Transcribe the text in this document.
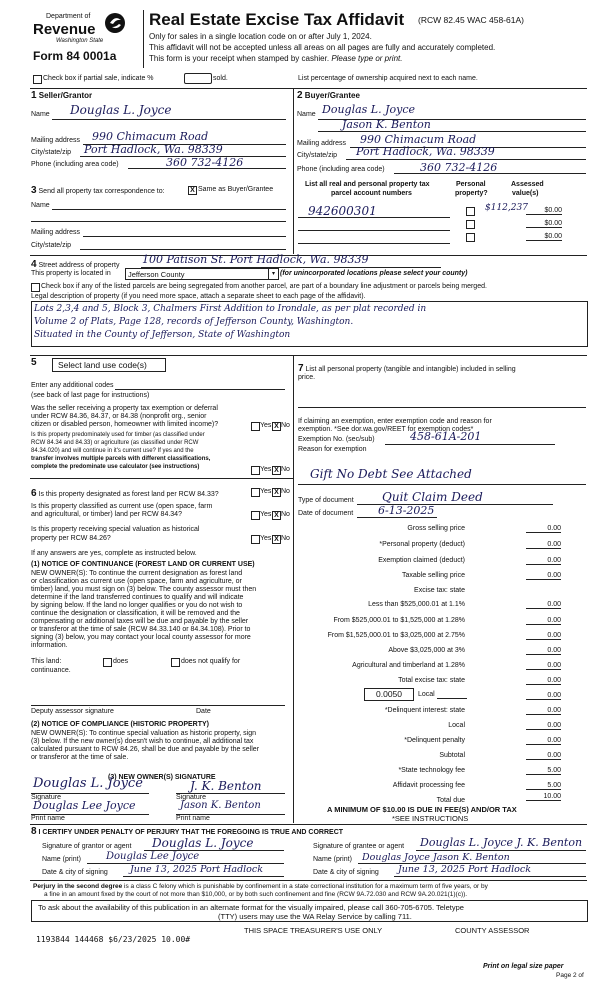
Department of
Revenue
Washington State
Form 84 0001a
Real Estate Excise Tax Affidavit (RCW 82.45 WAC 458-61A)
Only for sales in a single location code on or after July 1, 2024.
This affidavit will not be accepted unless all areas on all pages are fully and accurately completed.
This form is your receipt when stamped by cashier. Please type or print.
Check box if partial sale, indicate %	sold.	List percentage of ownership acquired next to each name.
1 Seller/Grantor
Name Douglas L. Joyce
Mailing address 990 Chimacum Road
City/state/zip Port Hadlock, Wa. 98339
Phone (including area code)	360 732-4126
2 Buyer/Grantee
Name Douglas L. Joyce
Jason K. Benton
Mailing address 990 Chimacum Road
City/state/zip Port Hadlock, Wa. 98339
Phone (including area code)	360 732-4126
3 Send all property tax correspondence to:	X Same as Buyer/Grantee
Name
Mailing address
City/state/zip
List all real and personal property tax
parcel account numbers
Personal
property?
Assessed
value(s)
942600301	$112,237	$0.00
$0.00
$0.00
4 Street address of property 100 Patison St. Port Hadlock, Wa. 98339
This property is located in Jefferson County	▾ (for unincorporated locations please select your county)
Check box if any of the listed parcels are being segregated from another parcel, are part of a boundary line adjustment or parcels being merged.
Legal description of property (if you need more space, attach a separate sheet to each page of the affidavit).
Lots 2,3,4 and 5, Block 3, Chalmers First Addition to Irondale, as per plat recorded in
Volume 2 of Plats, Page 128, records of Jefferson County, Washington.
Situated in the County of Jefferson, State of Washington
5	Select land use code(s)
Enter any additional codes
(see back of last page for instructions)
Was the seller receiving a property tax exemption or deferral
under RCW 84.36, 84.37, or 84.38 (nonprofit org., senior
citizen or disabled person, homeowner with limited income)?	Yes X No
Is this property predominately used for timber (as classified under
RCW 84.34 and 84.33) or agriculture (as classified under RCW
84.34.020) and will continue in it's current use? If yes and the
transfer involves multiple parcels with different classifications,
complete the predominate use calculator (see instructions)	Yes X No
6 Is this property designated as forest land per RCW 84.33?	Yes X No
Is this property classified as current use (open space, farm
and agricultural, or timber) land per RCW 84.34?	Yes X No
Is this property receiving special valuation as historical
property per RCW 84.26?	Yes X No
If any answers are yes, complete as instructed below.
(1) NOTICE OF CONTINUANCE (FOREST LAND OR CURRENT USE)
NEW OWNER(S): To continue the current designation as forest land
or classification as current use (open space, farm and agriculture, or
timber) land, you must sign on (3) below. The county assessor must then
determine if the land transferred continues to qualify and will indicate
by signing below. If the land no longer qualifies or you do not wish to
continue the designation or classification, it will be removed and the
compensating or additional taxes will be due and payable by the seller
or transferor at the time of sale (RCW 84.33.140 or 84.34.108). Prior to
signing (3) below, you may contact your local county assessor for more
information.
This land:	does	does not qualify for
continuance.
Deputy assessor signature	Date
(2) NOTICE OF COMPLIANCE (HISTORIC PROPERTY)
NEW OWNER(S): To continue special valuation as historic property, sign
(3) below. If the new owner(s) doesn't wish to continue, all additional tax
calculated pursuant to RCW 84.26, shall be due and payable by the seller
or transferor at the time of sale.
(3) NEW OWNER(S) SIGNATURE
Douglas L. Joyce
Signature
Douglas Lee Joyce
Print name
J. K. Benton
Signature
Jason K. Benton
Print name
7 List all personal property (tangible and intangible) included in selling
price.
If claiming an exemption, enter exemption code and reason for
exemption. *See dor.wa.gov/REET for exemption codes*
Exemption No. (sec/sub)	458-61A-201
Reason for exemption
Gift No Debt See Attached
Type of document Quit Claim Deed
Date of document 6-13-2025
Gross selling price	0.00
*Personal property (deduct)	0.00
Exemption claimed (deduct)	0.00
Taxable selling price	0.00
Excise tax: state
Less than $525,000.01 at 1.1%	0.00
From $525,000.01 to $1,525,000 at 1.28%	0.00
From $1,525,000.01 to $3,025,000 at 2.75%	0.00
Above $3,025,000 at 3%	0.00
Agricultural and timberland at 1.28%	0.00
Total excise tax: state	0.00
0.0050	Local	0.00
*Delinquent interest: state	0.00
Local	0.00
*Delinquent penalty	0.00
Subtotal	0.00
*State technology fee	5.00
Affidavit processing fee	5.00
Total due
10.00
A MINIMUM OF $10.00 IS DUE IN FEE(S) AND/OR TAX
*SEE INSTRUCTIONS
8 I CERTIFY UNDER PENALTY OF PERJURY THAT THE FOREGOING IS TRUE AND CORRECT
Signature of grantor or agent Douglas L. Joyce
Name (print)	Douglas Lee Joyce
Date & city of signing June 13, 2025 Port Hadlock
Signature of grantee or agent Douglas L. Joyce J. K. Benton
Name (print) Douglas Joyce Jason K. Benton
Date & city of signing June 13, 2025 Port Hadlock
Perjury in the second degree is a class C felony which is punishable by confinement in a state correctional institution for a maximum term of five years, or by
a fine in an amount fixed by the court of not more than $10,000, or by both such confinement and fine (RCW 9A.72.030 and RCW 9A.20.021(1)(c)).
To ask about the availability of this publication in an alternate format for the visually impaired, please call 360-705-6705. Teletype
(TTY) users may use the WA Relay Service by calling 711.
1193844 144468 $6/23/2025 10.00#
THIS SPACE TREASURER'S USE ONLY	COUNTY ASSESSOR
Print on legal size paper
Page 2 of
